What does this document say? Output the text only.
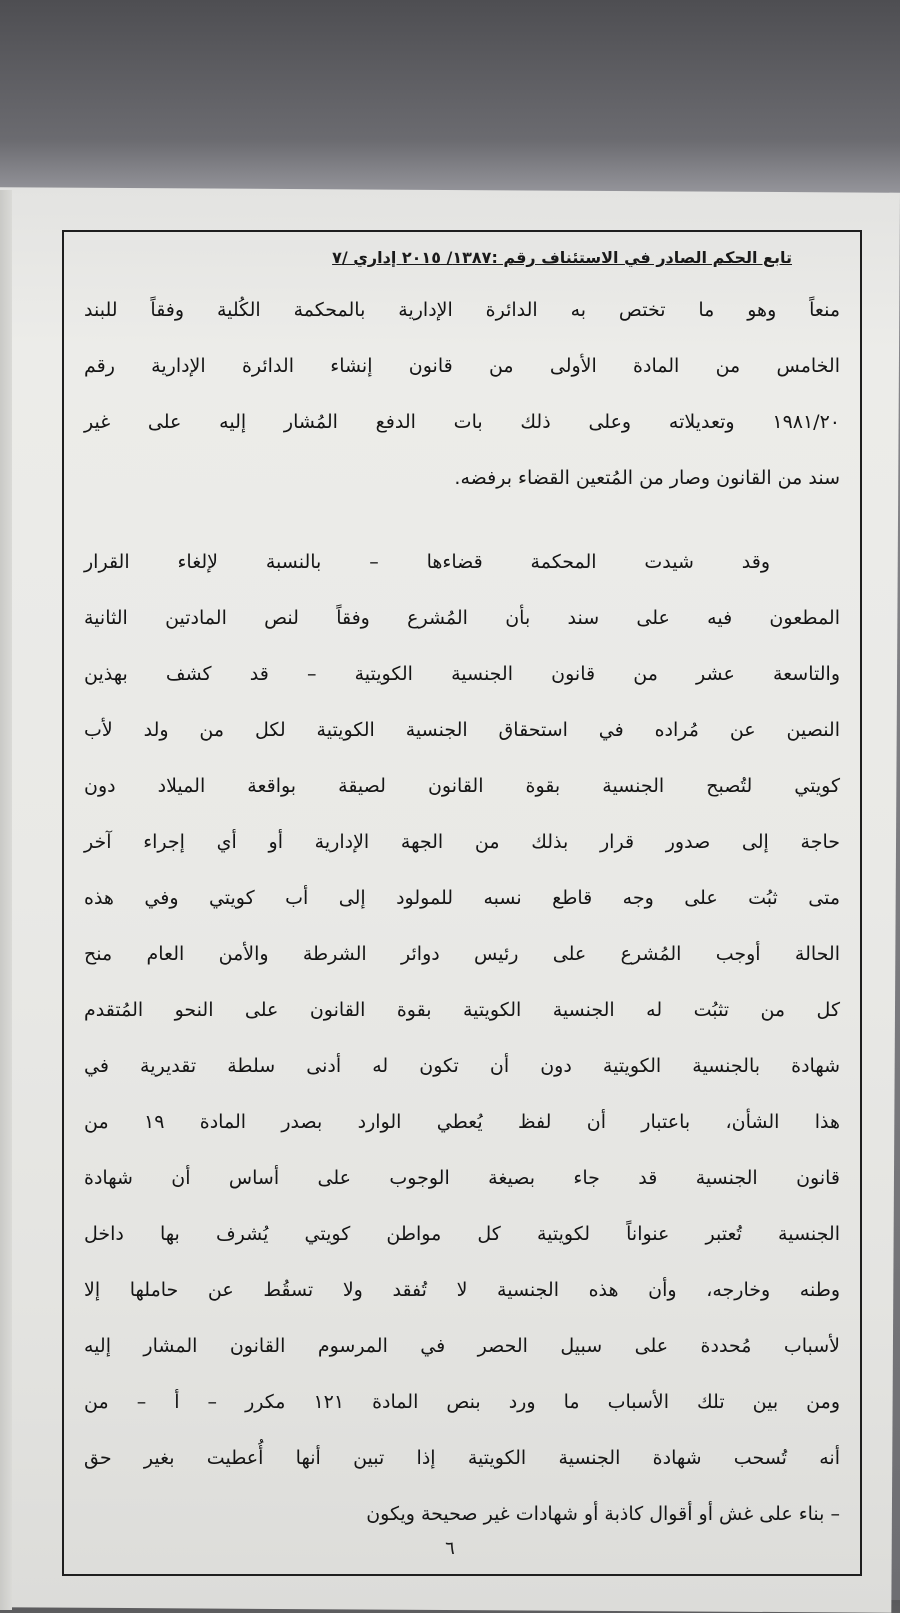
تابع الحكم الصادر في الاستئناف رقم :١٣٨٧/ ٢٠١٥ إداري /٧
منعاً وهو ما تختص به الدائرة الإدارية بالمحكمة الكُلية وفقاً للبند
الخامس من المادة الأولى من قانون إنشاء الدائرة الإدارية رقم
١٩٨١/٢٠ وتعديلاته وعلى ذلك بات الدفع المُشار إليه على غير
سند من القانون وصار من المُتعين القضاء برفضه.
وقد شيدت المحكمة قضاءها – بالنسبة لإلغاء القرار
المطعون فيه على سند بأن المُشرع وفقاً لنص المادتين الثانية
والتاسعة عشر من قانون الجنسية الكويتية – قد كشف بهذين
النصين عن مُراده في استحقاق الجنسية الكويتية لكل من ولد لأب
كويتي لتُصبح الجنسية بقوة القانون لصيقة بواقعة الميلاد دون
حاجة إلى صدور قرار بذلك من الجهة الإدارية أو أي إجراء آخر
متى ثبُت على وجه قاطع نسبه للمولود إلى أب كويتي وفي هذه
الحالة أوجب المُشرع على رئيس دوائر الشرطة والأمن العام منح
كل من تثبُت له الجنسية الكويتية بقوة القانون على النحو المُتقدم
شهادة بالجنسية الكويتية دون أن تكون له أدنى سلطة تقديرية في
هذا الشأن، باعتبار أن لفظ يُعطي الوارد بصدر المادة ١٩ من
قانون الجنسية قد جاء بصيغة الوجوب على أساس أن شهادة
الجنسية تُعتبر عنواناً لكويتية كل مواطن كويتي يُشرف بها داخل
وطنه وخارجه، وأن هذه الجنسية لا تُفقد ولا تسقُط عن حاملها إلا
لأسباب مُحددة على سبيل الحصر في المرسوم القانون المشار إليه
ومن بين تلك الأسباب ما ورد بنص المادة ١٢١ مكرر – أ – من
أنه تُسحب شهادة الجنسية الكويتية إذا تبين أنها أُعطيت بغير حق
– بناء على غش أو أقوال كاذبة أو شهادات غير صحيحة ويكون
٦
